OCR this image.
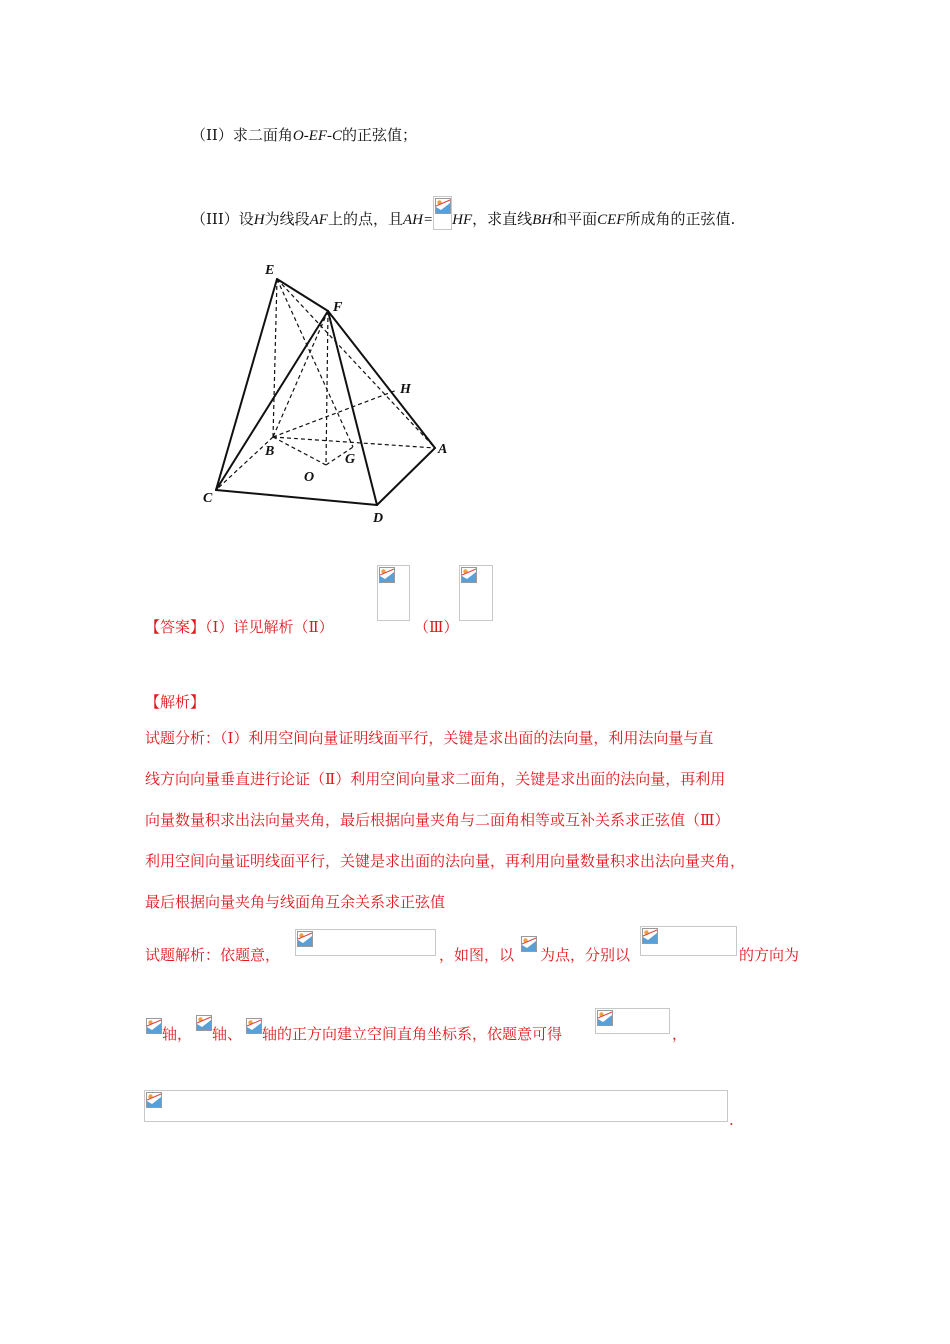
（II）求二面角O-EF-C的正弦值；
（III）设H为线段AF上的点，且AH= HF，求直线BH和平面CEF所成角的正弦值.
E
F
H
A
B
G
O
C
D
【答案】（Ⅰ）详见解析（Ⅱ）	（Ⅲ）
【解析】
试题分析：（Ⅰ）利用空间向量证明线面平行，关键是求出面的法向量，利用法向量与直
线方向向量垂直进行论证（Ⅱ）利用空间向量求二面角，关键是求出面的法向量，再利用
向量数量积求出法向量夹角，最后根据向量夹角与二面角相等或互补关系求正弦值（Ⅲ）
利用空间向量证明线面平行，关键是求出面的法向量，再利用向量数量积求出法向量夹角，
最后根据向量夹角与线面角互余关系求正弦值
试题解析：依题意，	，如图，以 为点，分别以	的方向为
轴， 轴、 轴的正方向建立空间直角坐标系，依题意可得	，
.
